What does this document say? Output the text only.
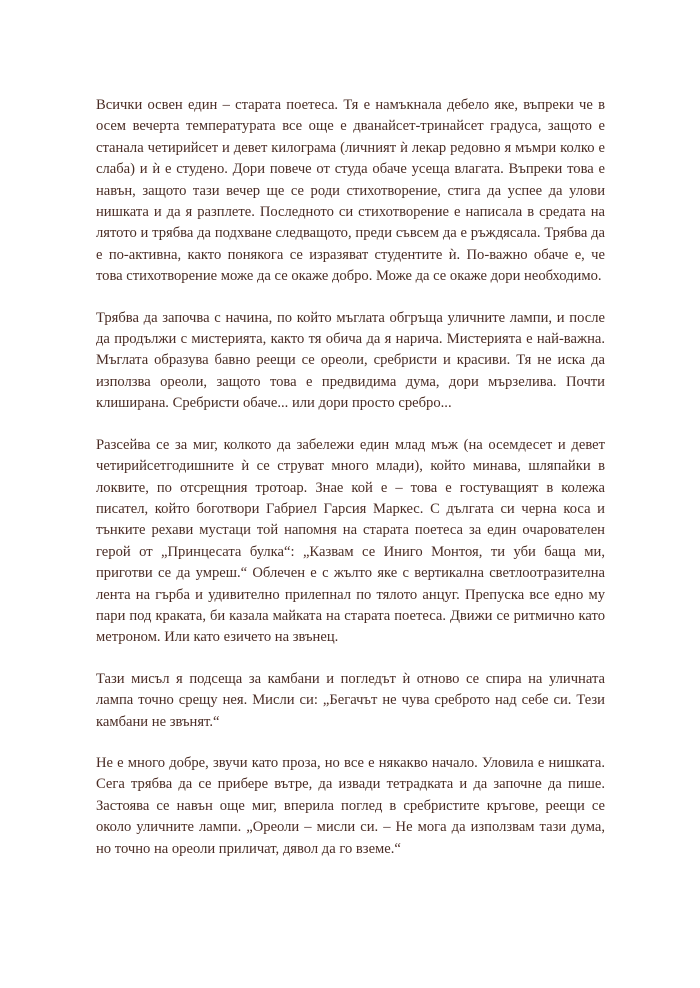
Всички освен един – старата поетеса. Тя е намъкнала дебело яке, въпреки че в осем вечерта температурата все още е дванайсет-тринайсет градуса, защото е станала четирийсет и девет килограма (личният ѝ лекар редовно я мъмри колко е слаба) и ѝ е студено. Дори повече от студа обаче усеща влагата. Въпреки това е навън, защото тази вечер ще се роди стихотворение, стига да успее да улови нишката и да я разплете. Последното си стихотворение е написала в средата на лятото и трябва да подхване следващото, преди съвсем да е ръждясала. Трябва да е по-активна, както понякога се изразяват студентите ѝ. По-важно обаче е, че това стихотворение може да се окаже добро. Може да се окаже дори необходимо.

Трябва да започва с начина, по който мъглата обгръща уличните лампи, и после да продължи с мистерията, както тя обича да я нарича. Мистерията е най-важна. Мъглата образува бавно реещи се ореоли, сребристи и красиви. Тя не иска да използва ореоли, защото това е предвидима дума, дори мързелива. Почти клиширана. Сребристи обаче... или дори просто сребро...

Разсейва се за миг, колкото да забележи един млад мъж (на осемдесет и девет четирийсетгодишните ѝ се струват много млади), който минава, шляпайки в локвите, по отсрещния тротоар. Знае кой е – това е гостуващият в колежа писател, който боготвори Габриел Гарсия Маркес. С дългата си черна коса и тънките рехави мустаци той напомня на старата поетеса за един очарователен герой от „Принцесата булка“: „Казвам се Иниго Монтоя, ти уби баща ми, приготви се да умреш.“ Облечен е с жълто яке с вертикална светлоотразителна лента на гърба и удивително прилепнал по тялото анцуг. Препуска все едно му пари под краката, би казала майката на старата поетеса. Движи се ритмично като метроном. Или като езичето на звънец.

Тази мисъл я подсеща за камбани и погледът ѝ отново се спира на уличната лампа точно срещу нея. Мисли си: „Бегачът не чува среброто над себе си. Тези камбани не звънят.“

Не е много добре, звучи като проза, но все е някакво начало. Уловила е нишката. Сега трябва да се прибере вътре, да извади тетрадката и да започне да пише. Застоява се навън още миг, вперила поглед в сребристите кръгове, реещи се около уличните лампи. „Ореоли – мисли си. – Не мога да използвам тази дума, но точно на ореоли приличат, дявол да го вземе.“
